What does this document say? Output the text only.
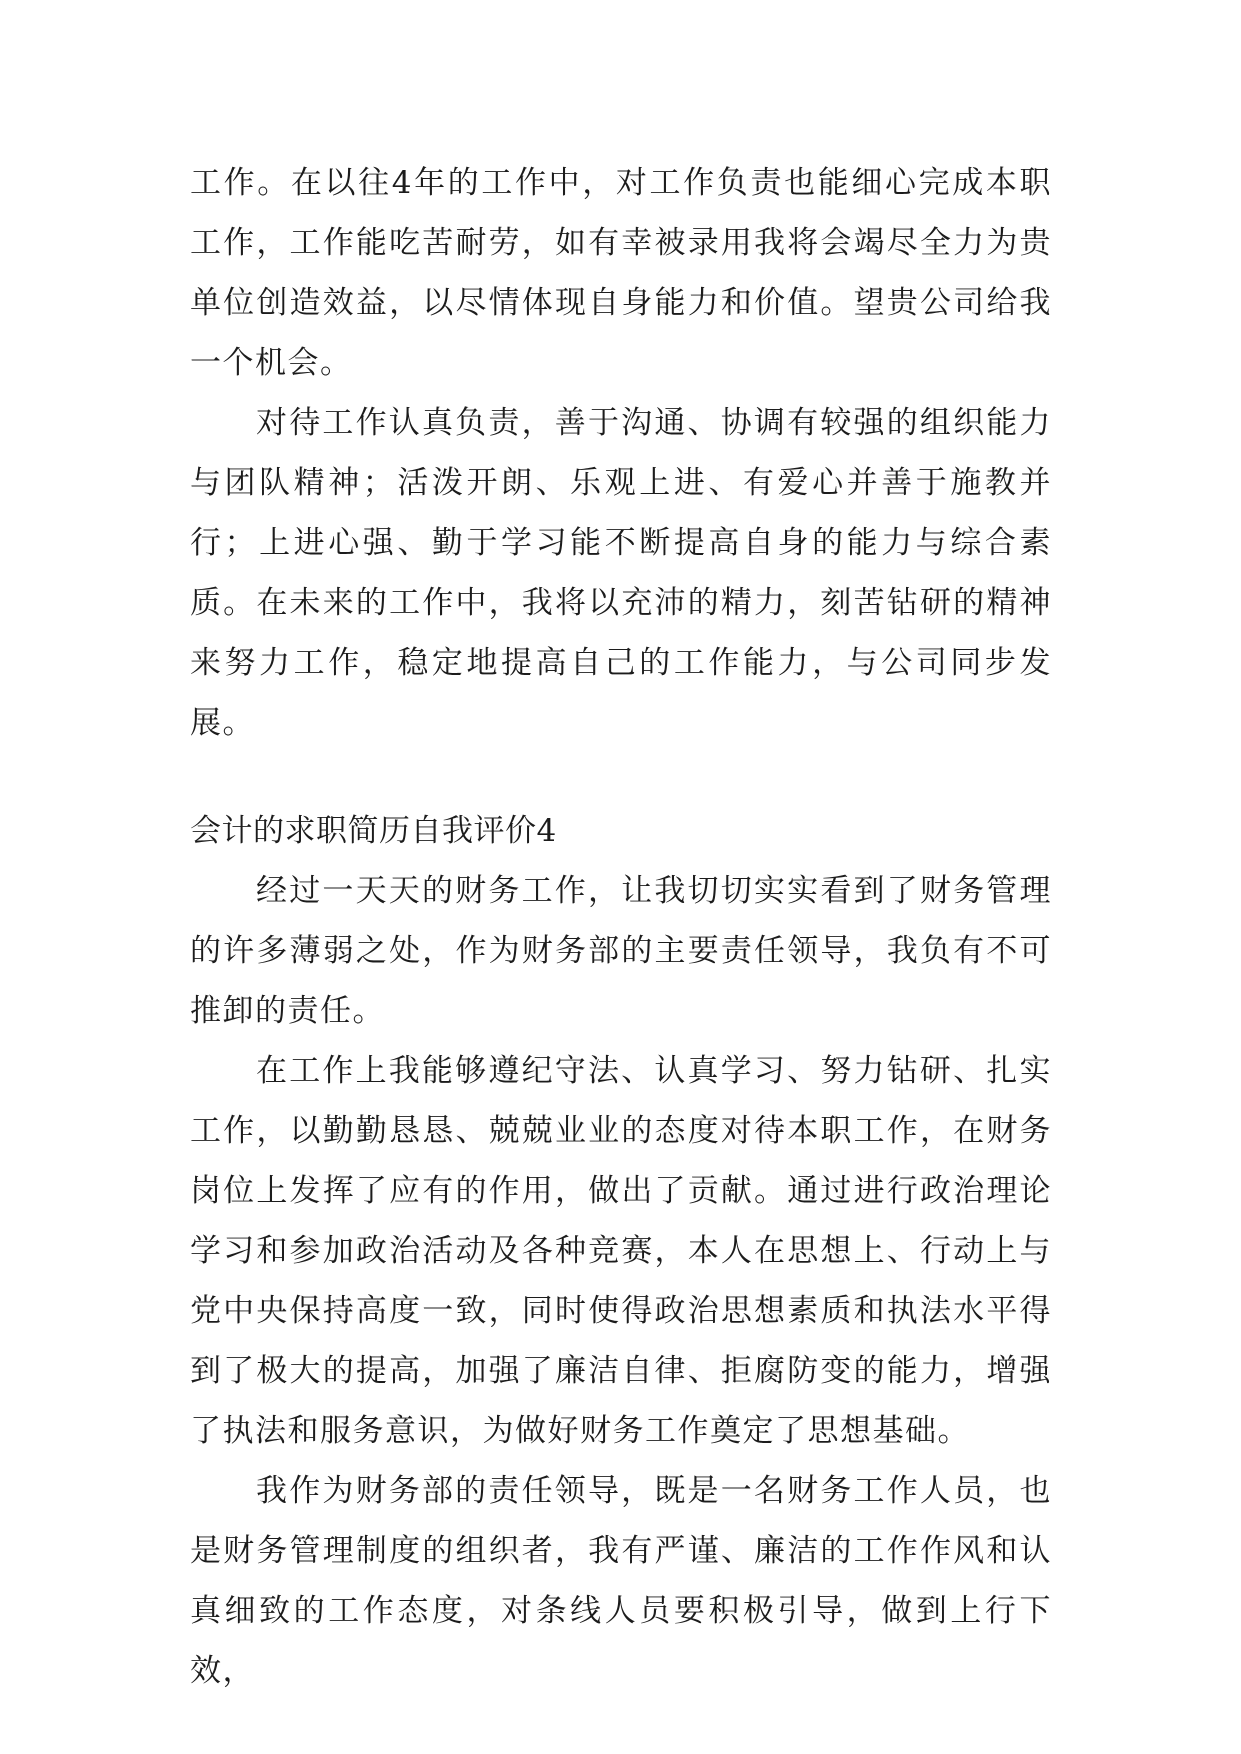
工作。在以往4年的工作中，对工作负责也能细心完成本职工作，工作能吃苦耐劳，如有幸被录用我将会竭尽全力为贵单位创造效益，以尽情体现自身能力和价值。望贵公司给我一个机会。

对待工作认真负责，善于沟通、协调有较强的组织能力与团队精神；活泼开朗、乐观上进、有爱心并善于施教并行；上进心强、勤于学习能不断提高自身的能力与综合素质。在未来的工作中，我将以充沛的精力，刻苦钻研的精神来努力工作，稳定地提高自己的工作能力，与公司同步发展。

会计的求职简历自我评价4

经过一天天的财务工作，让我切切实实看到了财务管理的许多薄弱之处，作为财务部的主要责任领导，我负有不可推卸的责任。

在工作上我能够遵纪守法、认真学习、努力钻研、扎实工作，以勤勤恳恳、兢兢业业的态度对待本职工作，在财务岗位上发挥了应有的作用，做出了贡献。通过进行政治理论学习和参加政治活动及各种竞赛，本人在思想上、行动上与党中央保持高度一致，同时使得政治思想素质和执法水平得到了极大的提高，加强了廉洁自律、拒腐防变的能力，增强了执法和服务意识，为做好财务工作奠定了思想基础。

我作为财务部的责任领导，既是一名财务工作人员，也是财务管理制度的组织者，我有严谨、廉洁的工作作风和认真细致的工作态度，对条线人员要积极引导，做到上行下效，
